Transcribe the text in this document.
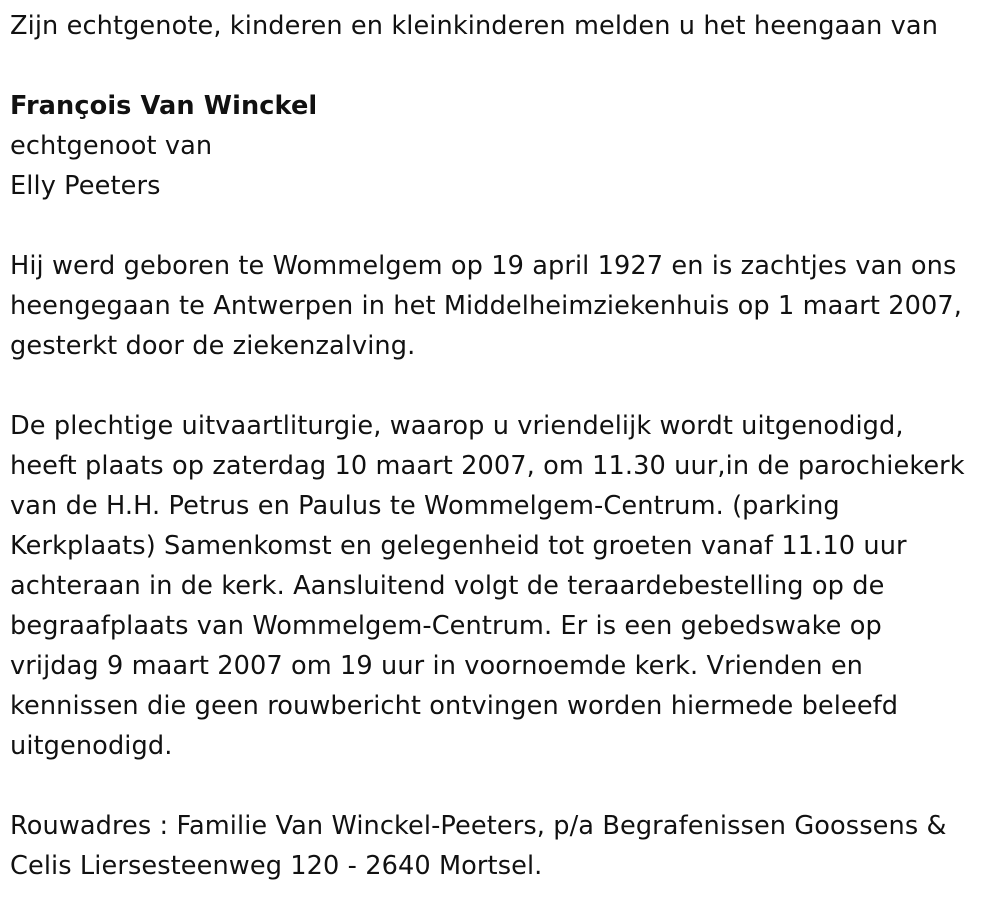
Zijn echtgenote, kinderen en kleinkinderen melden u het heengaan van
François Van Winckel
echtgenoot van
Elly Peeters
Hij werd geboren te Wommelgem op 19 april 1927 en is zachtjes van ons
heengegaan te Antwerpen in het Middelheimziekenhuis op 1 maart 2007,
gesterkt door de ziekenzalving.
De plechtige uitvaartliturgie, waarop u vriendelijk wordt uitgenodigd,
heeft plaats op zaterdag 10 maart 2007, om 11.30 uur,in de parochiekerk
van de H.H. Petrus en Paulus te Wommelgem-Centrum. (parking
Kerkplaats) Samenkomst en gelegenheid tot groeten vanaf 11.10 uur
achteraan in de kerk. Aansluitend volgt de teraardebestelling op de
begraafplaats van Wommelgem-Centrum. Er is een gebedswake op
vrijdag 9 maart 2007 om 19 uur in voornoemde kerk. Vrienden en
kennissen die geen rouwbericht ontvingen worden hiermede beleefd
uitgenodigd.
Rouwadres : Familie Van Winckel-Peeters, p/a Begrafenissen Goossens &
Celis Liersesteenweg 120 - 2640 Mortsel.
